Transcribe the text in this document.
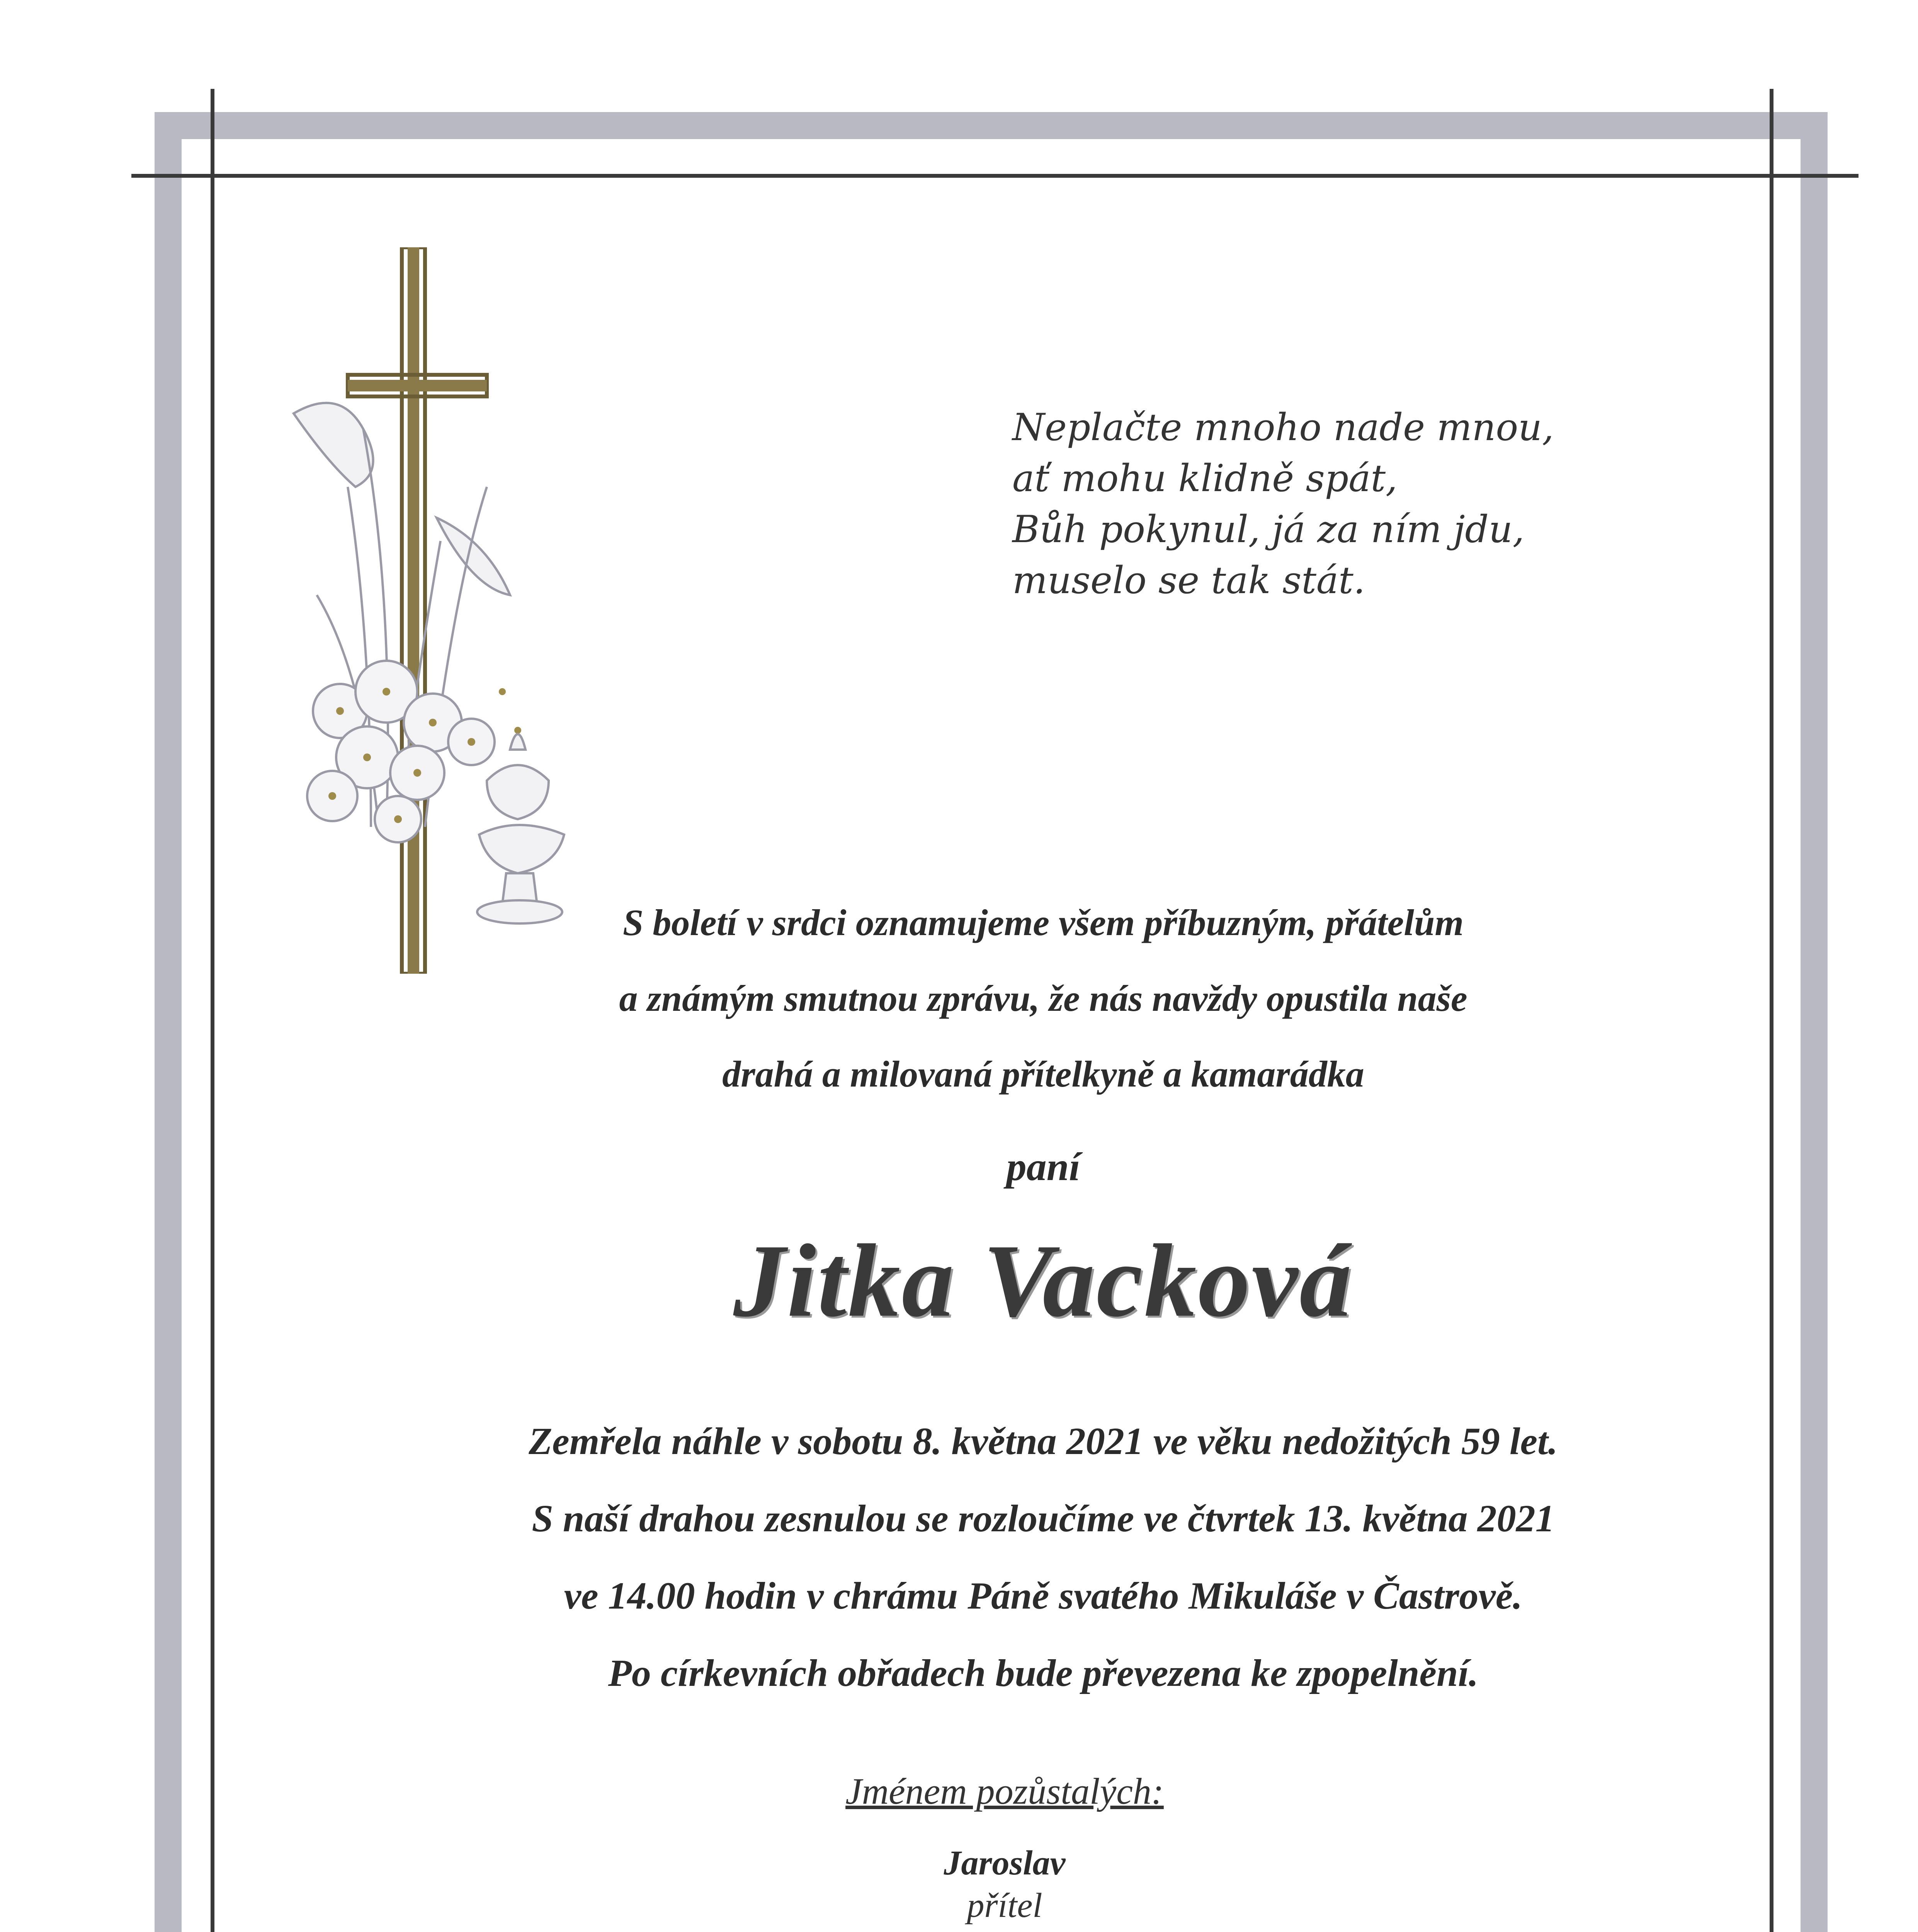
Neplačte mnoho nade mnou,
ať mohu klidně spát,
Bůh pokynul, já za ním jdu,
muselo se tak stát.
S boletí v srdci oznamujeme všem příbuzným, přátelům
a známým smutnou zprávu, že nás navždy opustila naše
drahá a milovaná přítelkyně a kamarádka
paní
Jitka Vacková
Zemřela náhle v sobotu 8. května 2021 ve věku nedožitých 59 let.
S naší drahou zesnulou se rozloučíme ve čtvrtek 13. května 2021
ve 14.00 hodin v chrámu Páně svatého Mikuláše v Častrově.
Po církevních obřadech bude převezena ke zpopelnění.
Jménem pozůstalých:
Jaroslav
přítel
